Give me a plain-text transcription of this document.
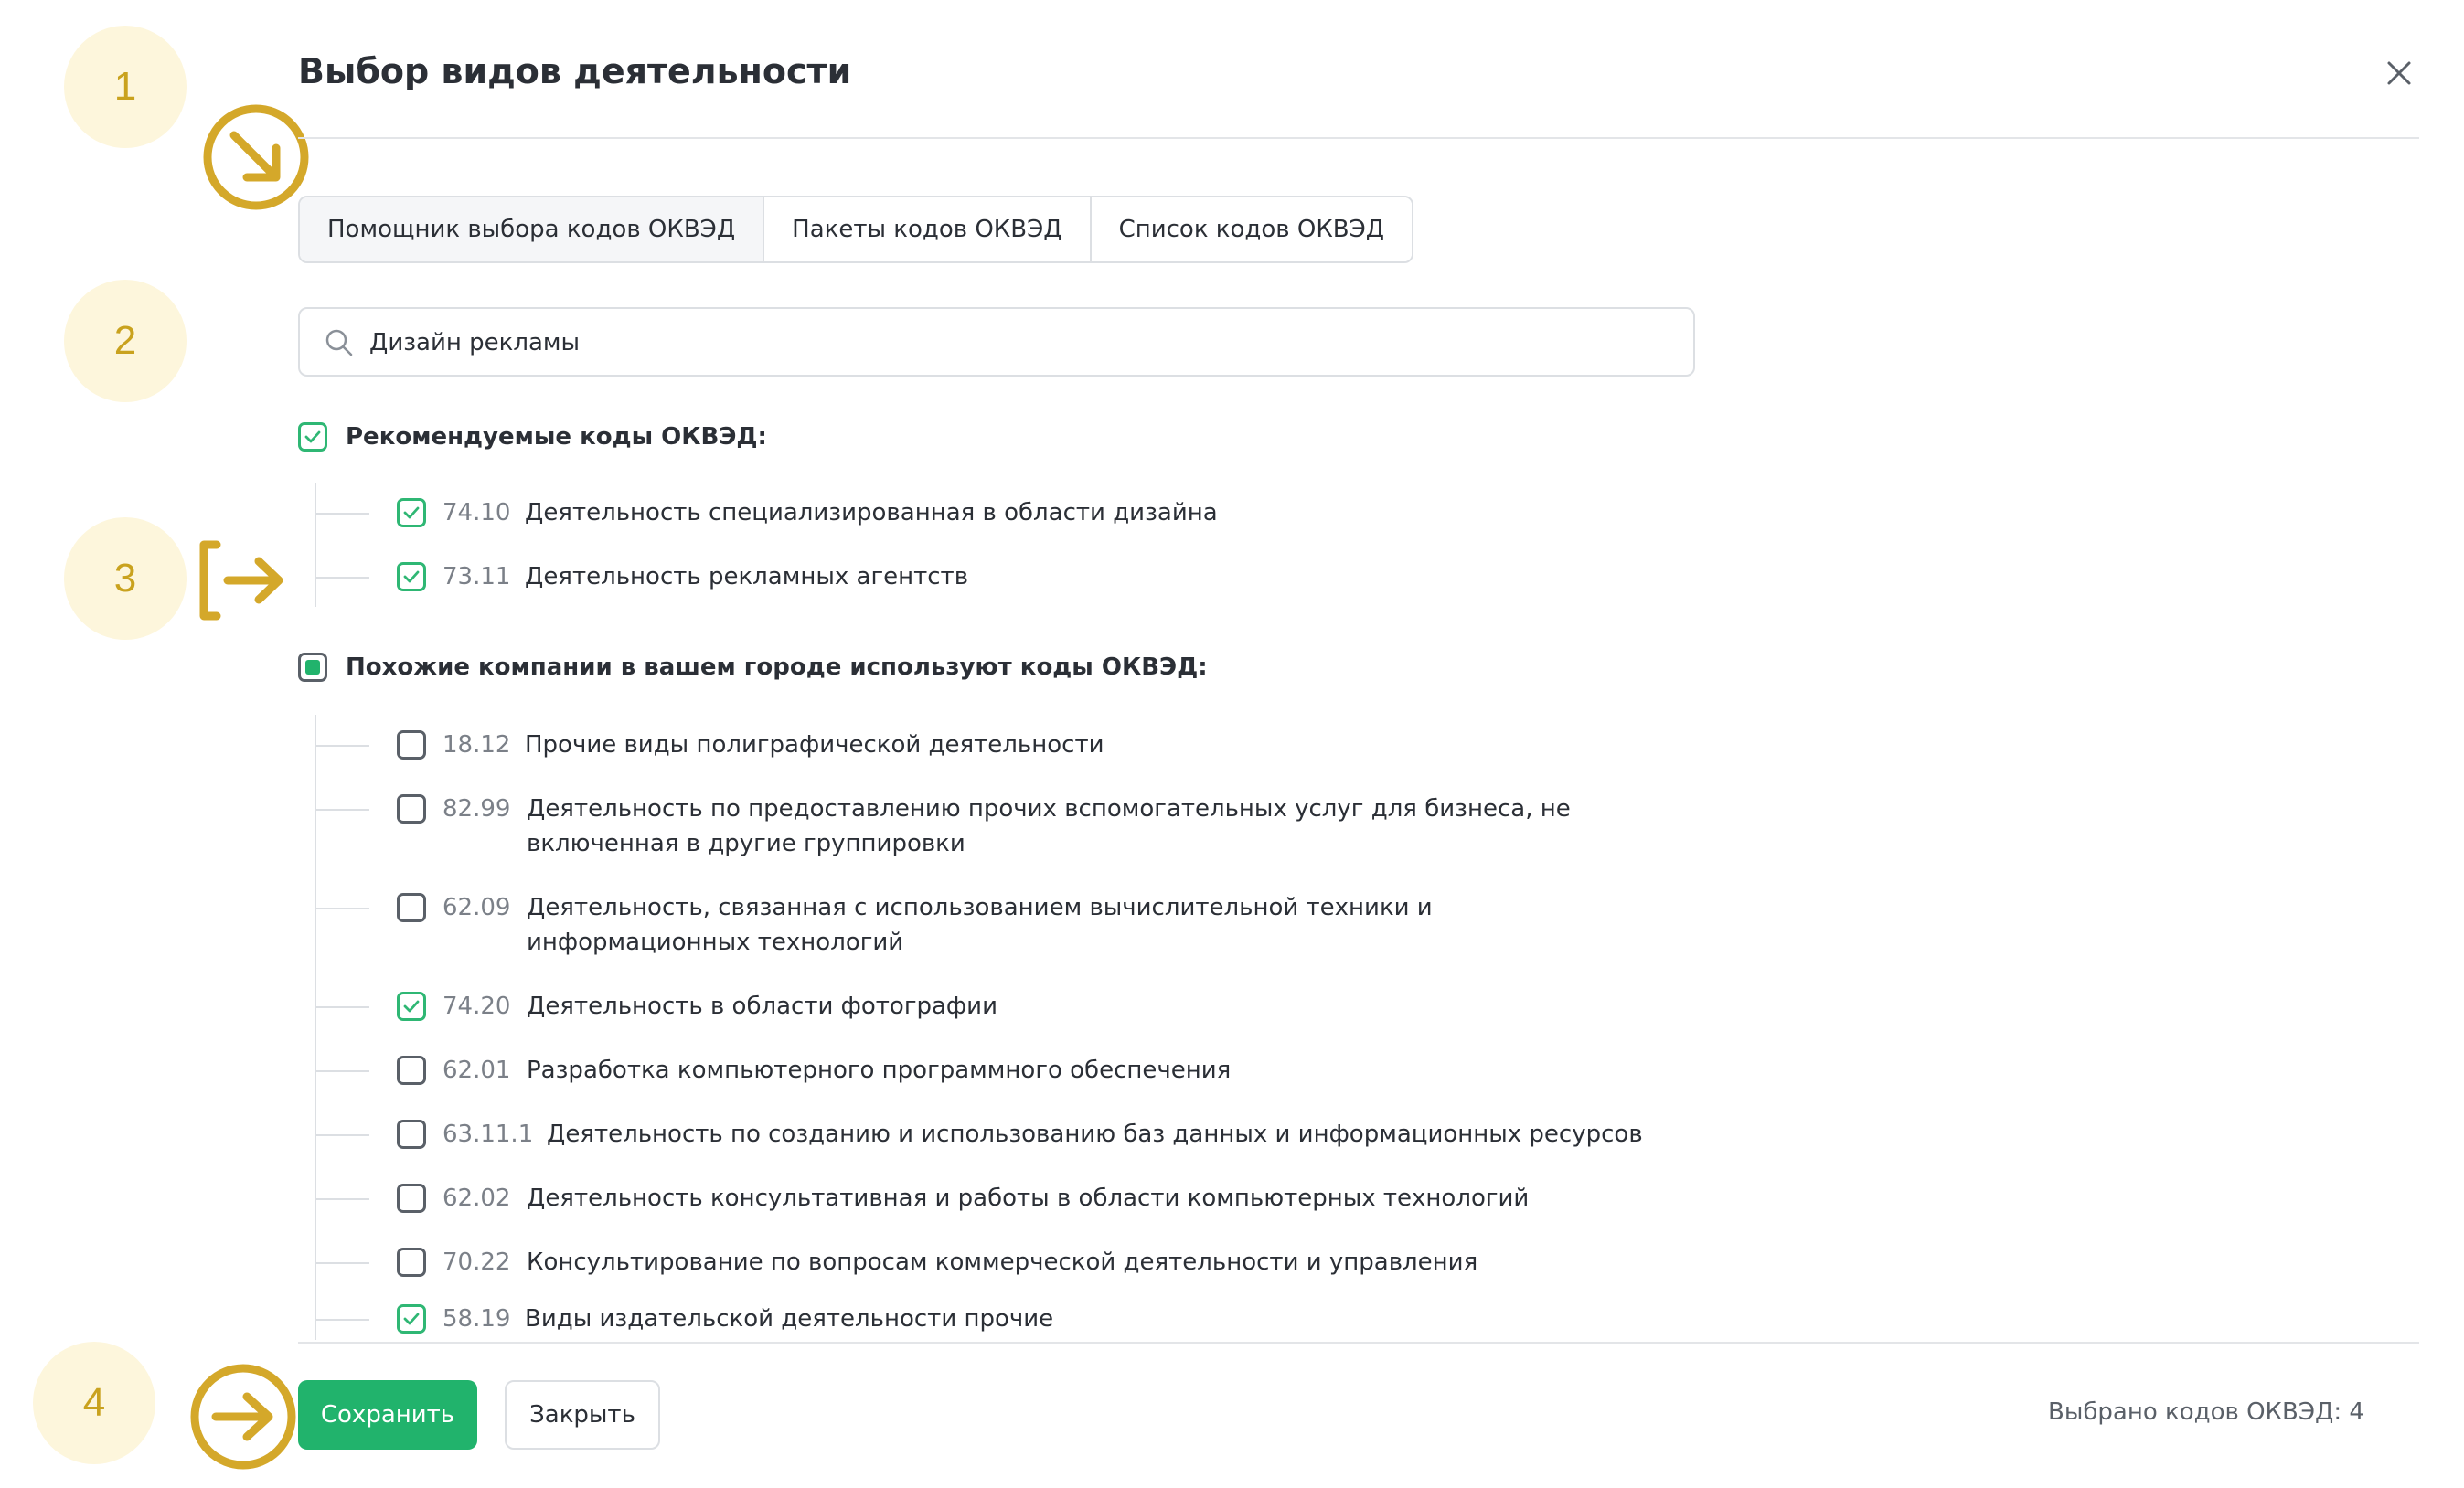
1
2
3
4
Выбор видов деятельности
Помощник выбора кодов ОКВЭД	Пакеты кодов ОКВЭД	Список кодов ОКВЭД
Дизайн рекламы
Рекомендуемые коды ОКВЭД:
74.10 Деятельность специализированная в области дизайна
73.11 Деятельность рекламных агентств
Похожие компании в вашем городе используют коды ОКВЭД:
18.12 Прочие виды полиграфической деятельности
82.99 Деятельность по предоставлению прочих вспомогательных услуг для бизнеса, не включенная в другие группировки
62.09 Деятельность, связанная с использованием вычислительной техники и информационных технологий
74.20 Деятельность в области фотографии
62.01 Разработка компьютерного программного обеспечения
63.11.1 Деятельность по созданию и использованию баз данных и информационных ресурсов
62.02 Деятельность консультативная и работы в области компьютерных технологий
70.22 Консультирование по вопросам коммерческой деятельности и управления
58.19 Виды издательской деятельности прочие
Сохранить	Закрыть	Выбрано кодов ОКВЭД: 4
